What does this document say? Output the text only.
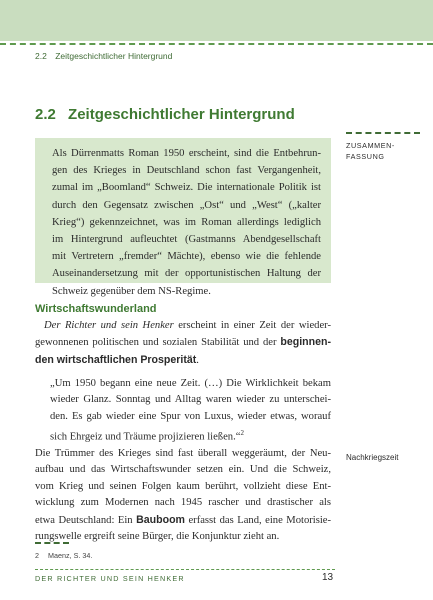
2.2 Zeitgeschichtlicher Hintergrund
2.2 Zeitgeschichtlicher Hintergrund
ZUSAMMEN-
FASSUNG
Als Dürrenmatts Roman 1950 erscheint, sind die Entbehrun-
gen des Krieges in Deutschland schon fast Vergangenheit,
zumal im „Boomland“ Schweiz. Die internationale Politik ist
durch den Gegensatz zwischen „Ost“ und „West“ („kalter
Krieg“) gekennzeichnet, was im Roman allerdings lediglich
im Hintergrund aufleuchtet (Gastmanns Abendgesellschaft
mit Vertretern „fremder“ Mächte), ebenso wie die fehlende
Auseinandersetzung mit der opportunistischen Haltung der
Schweiz gegenüber dem NS-Regime.
Wirtschaftswunderland
Der Richter und sein Henker erscheint in einer Zeit der wieder-
gewonnenen politischen und sozialen Stabilität und der beginnen-
den wirtschaftlichen Prosperität.
„Um 1950 begann eine neue Zeit. (…) Die Wirklichkeit bekam
wieder Glanz. Sonntag und Alltag waren wieder zu unterschei-
den. Es gab wieder eine Spur von Luxus, wieder etwas, worauf
sich Ehrgeiz und Träume projizieren ließen.“$^2$
Nachkriegszeit
Die Trümmer des Krieges sind fast überall weggeräumt, der Neu-
aufbau und das Wirtschaftswunder setzen ein. Und die Schweiz,
vom Krieg und seinen Folgen kaum berührt, vollzieht diese Ent-
wicklung zum Modernen nach 1945 rascher und drastischer als
etwa Deutschland: Ein Bauboom erfasst das Land, eine Motorisie-
rungswelle ergreift seine Bürger, die Konjunktur zieht an.
2 Maenz, S. 34.
DER RICHTER UND SEIN HENKER	13
